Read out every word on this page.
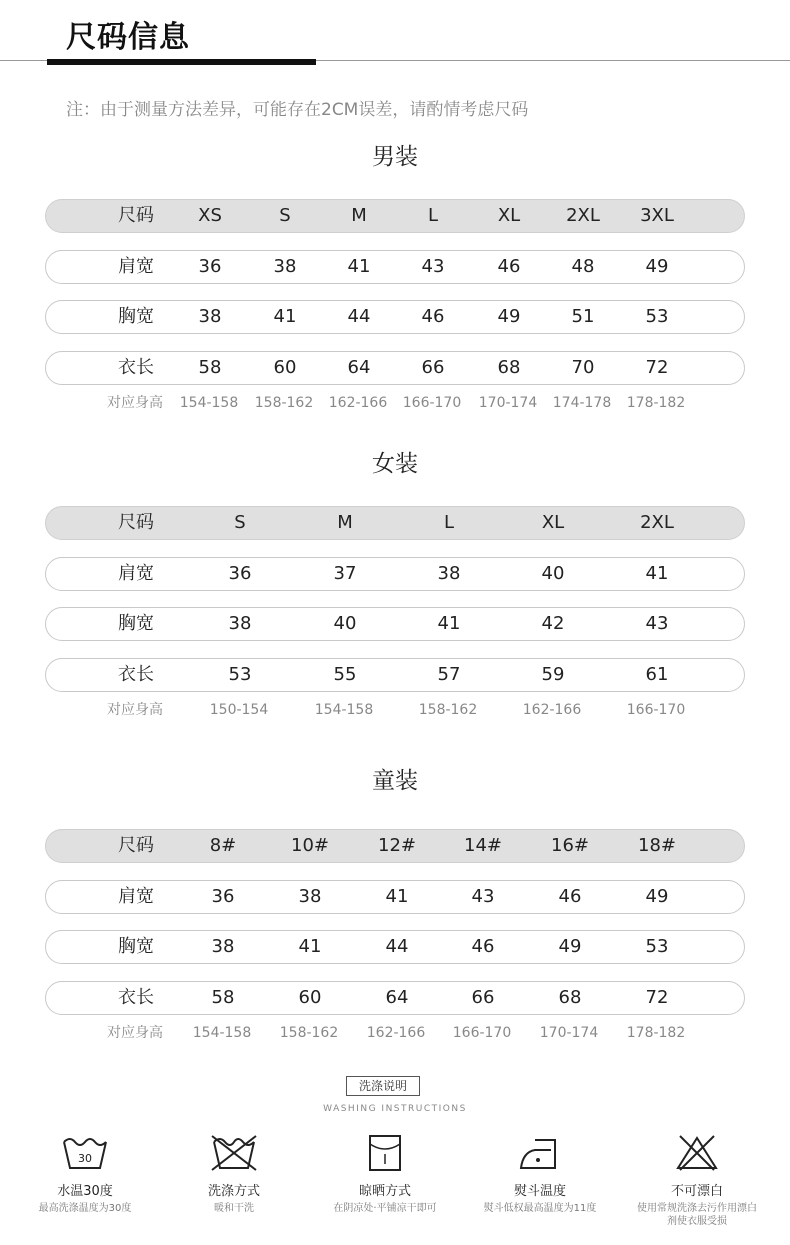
尺码信息
注：由于测量方法差异，可能存在2CM误差，请酌情考虑尺码
男装
尺码 XS	S	M	L	XL	2XL 3XL
肩宽 36	38	41	43	46	48	49
胸宽 38	41	44	46	49	51	53
衣长 58	60	64	66	68	70	72
对应身高 154-158 158-162 162-166 166-170 170-174 174-178 178-182
女装
尺码	S	M	L	XL	2XL
肩宽	36	37	38	40	41
胸宽	38	40	41	42	43
衣长	53	55	57	59	61
对应身高	150-154	154-158	158-162	162-166	166-170
童装
尺码	8#	10#	12#	14#	16#	18#
肩宽	36	38	41	43	46	49
胸宽	38	41	44	46	49	53
衣长	58	60	64	66	68	72
对应身高 154-158 158-162 162-166 166-170 170-174 178-182
洗涤说明
WASHING INSTRUCTIONS
30
水温30度
最高洗涤温度为30度
洗涤方式
暖和干洗
晾晒方式
在阴凉处·平铺凉干即可
熨斗温度
熨斗低权最高温度为11度
不可漂白
使用常规洗涤去污作用漂白剂使衣服受损
